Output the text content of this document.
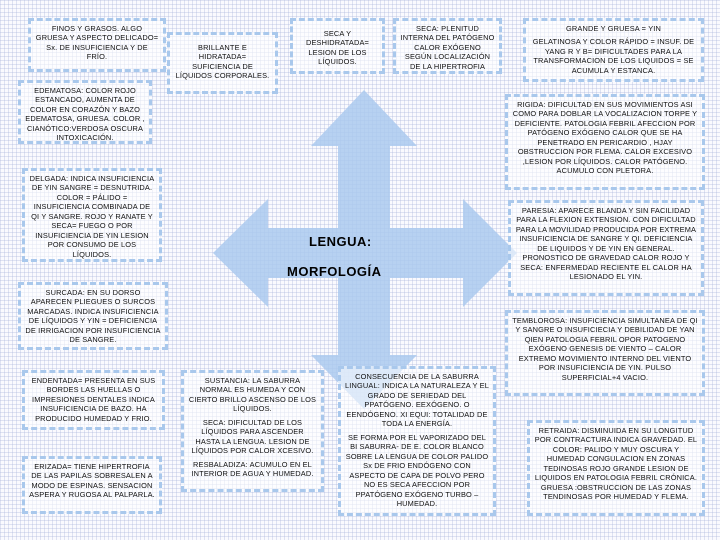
LENGUA:
MORFOLOGÍA

FINOS Y GRASOS. ALGO GRUESA Y ASPECTO DELICADO= Sx. DE INSUFICIENCIA Y DE FRÍO.

BRILLANTE E HIDRATADA= SUFICIENCIA DE LÍQUIDOS CORPORALES.

SECA Y DESHIDRATADA= LESION DE LOS LÍQUIDOS.

SECA: PLENITUD INTERNA DEL PATÓGENO CALOR EXÓGENO SEGÚN LOCALIZACIÓN DE LA HIPERTROFIA

GRANDE Y GRUESA = YIN

GELATINOSA Y COLOR RÁPIDO = INSUF. DE YANG R Y B= DIFICULTADES PARA LA TRANSFORMACION DE LOS LIQUIDOS = SE ACUMULA Y ESTANCA.

EDEMATOSA: COLOR ROJO ESTANCADO, AUMENTA DE COLOR EN CORAZÓN Y BAZO EDEMATOSA, GRUESA. COLOR , CIANÓTICO:VERDOSA OSCURA INTOXICACIÓN.

RIGIDA: DIFICULTAD EN SUS MOVIMIENTOS ASI COMO PARA DOBLAR LA VOCALIZACION TORPE Y DEFICIENTE. PATOLOGIA FEBRIL AFECCION POR PATÓGENO EXÓGENO CALOR QUE SE HA PENETRADO EN PERICARDIO , HJAY OBSTRUCCION POR FLEMA. CALOR EXCESIVO ,LESION POR LÍQUIDOS. CALOR PATÓGENO. ACUMULO CON PLETORA.

DELGADA: INDICA INSUFICIENCIA DE YIN SANGRE = DESNUTRIDA. COLOR = PÁLIDO = INSUFICIENCIA COMBINADA DE QI Y SANGRE. ROJO Y RANATE Y SECA= FUEGO O POR INSUFICIENCIA DE YIN LESION POR CONSUMO DE LOS LÍQUIDOS.

PARESIA: APARECE BLANDA Y SIN FACILIDAD PARA LA FLEXION EXTENSION. CON DIFICULTAD PARA LA MOVILIDAD PRODUCIDA POR EXTREMA INSUFICIENCIA DE SANGRE Y QI. DEFICIENCIA DE LIQUIDOS Y DE YIN EN GENERAL. PRONOSTICO DE GRAVEDAD CALOR ROJO Y SECA: ENFERMEDAD RECIENTE EL CALOR HA LESIONADO EL YIN.

SURCADA: EN SU DORSO APARECEN PLIEGUES O SURCOS MARCADAS. INDICA INSUFICIENCIA DE LÍQUIDOS Y YIN = DEFICIENCIA DE IRRIGACION POR INSUFICIENCIA DE SANGRE.

TEMBLOROSA: INSUFICIENCIA SIMULTANEA DE QI Y SANGRE O INSUFICIECIA Y DEBILIDAD DE YAN QIEN PATOLOGIA FEBRIL OPOR PATOGENO EXÓGENO GENESIS DE VIENTO – CALOR EXTREMO MOVIMIENTO INTERNO DEL VIENTO POR INSUFICIENCIA DE YIN. PULSO SUPERFICIAL+4 VACIO.

ENDENTADA= PRESENTA EN SUS BORDES LAS HUELLAS O IMPRESIONES DENTALES INDICA INSUFICIENCIA DE BAZO. HA PRODUCIDO HUMEDAD Y FRIO.

SUSTANCIA: LA SABURRA NORMAL ES HUMEDA Y CON CIERTO BRILLO ASCENSO DE LOS LÍQUIDOS.

SECA: DIFICULTAD DE LOS LÍQUIDOS PARA ASCENDER HASTA LA LENGUA. LESION DE LÍQUIDOS POR CALOR XCESIVO.

RESBALADIZA: ACUMULO EN EL INTERIOR DE AGUA Y HUMEDAD.

CONSECUENCIA DE LA SABURRA LINGUAL: INDICA LA NATURALEZA Y EL GRADO DE SERIEDAD DEL PPATÓGENO. EEXÓGENO. O EENDÓGENO. XI EQUI: TOTALIDAD DE TODA LA ENERGÍA.

SE FORMA POR EL VAPORIZADO DEL BI SABURRA- DE E. COLOR BLANCO SOBRE LA LENGUA DE COLOR PALIDO Sx DE FRIO ENDÓGENO CON ASPECTO DE CAPA DE POLVO PERO NO ES SECA AFECCION POR PPATÓGENO EXÓGENO TURBO – HUMEDAD.

RETRAIDA: DISMINUIDA EN SU LONGITUD POR CONTRACTURA INDICA GRAVEDAD. EL COLOR: PALIDO Y MUY OSCURA Y HUMEDAD CONGULACION EN ZONAS TEDINOSAS ROJO GRANDE LESION DE LIQUIDOS EN PATOLOGIA FEBRIL CRÓNICA. GRUESA :OBSTRUCCION DE LAS ZONAS TENDINOSAS POR HUMEDAD Y FLEMA.

ERIZADA= TIENE HIPERTROFIA DE LAS PAPILAS SOBRESALEN A MODO DE ESPINAS. SENSACION ASPERA Y RUGOSA AL PALPARLA.
